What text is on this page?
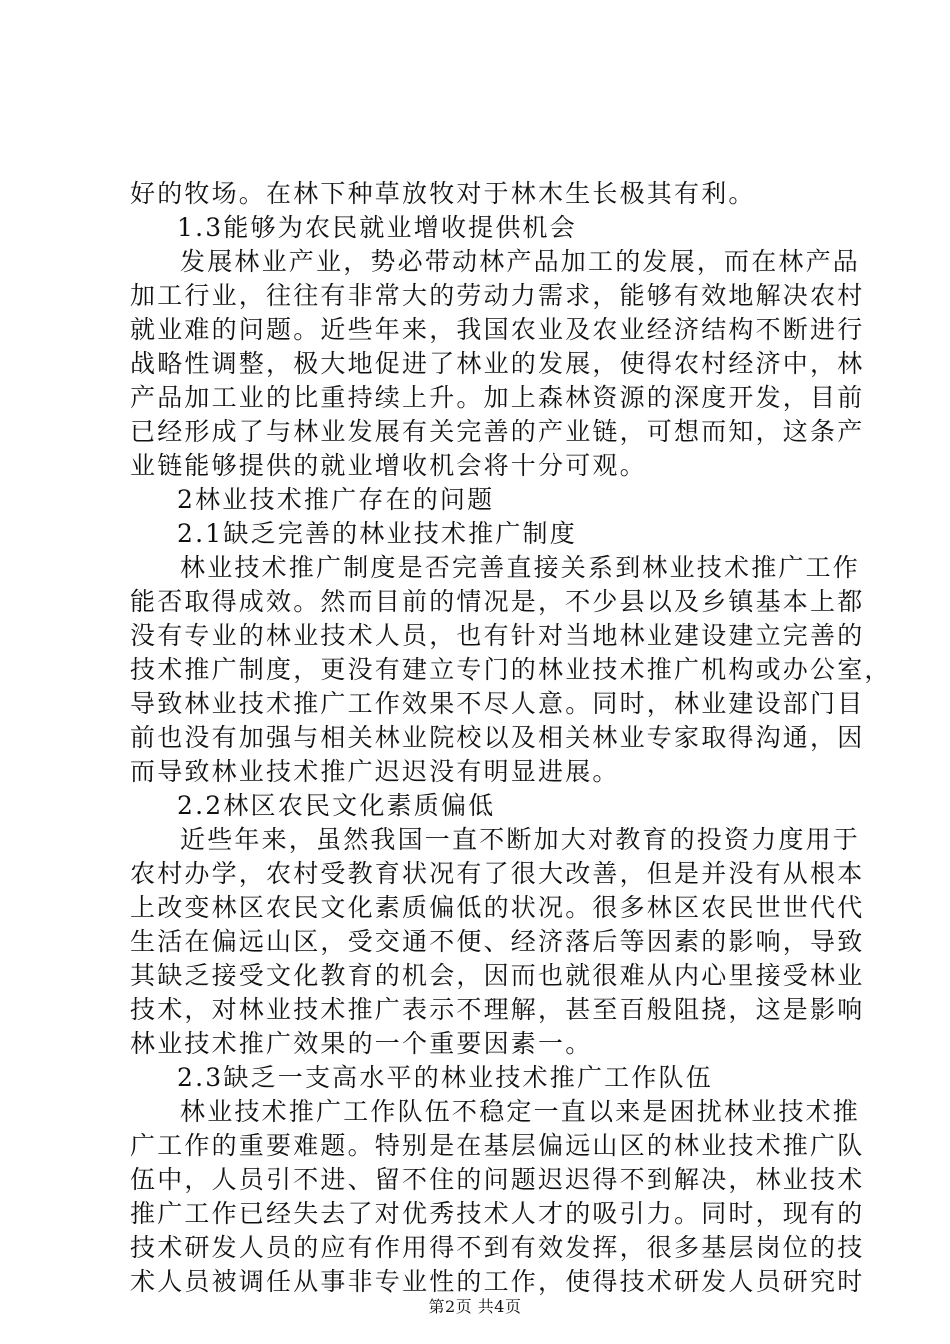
好的牧场。在林下种草放牧对于林木生长极其有利。
1.3能够为农民就业增收提供机会
发展林业产业，势必带动林产品加工的发展，而在林产品
加工行业，往往有非常大的劳动力需求，能够有效地解决农村
就业难的问题。近些年来，我国农业及农业经济结构不断进行
战略性调整，极大地促进了林业的发展，使得农村经济中，林
产品加工业的比重持续上升。加上森林资源的深度开发，目前
已经形成了与林业发展有关完善的产业链，可想而知，这条产
业链能够提供的就业增收机会将十分可观。
2林业技术推广存在的问题
2.1缺乏完善的林业技术推广制度
林业技术推广制度是否完善直接关系到林业技术推广工作
能否取得成效。然而目前的情况是，不少县以及乡镇基本上都
没有专业的林业技术人员，也有针对当地林业建设建立完善的
技术推广制度，更没有建立专门的林业技术推广机构或办公室，
导致林业技术推广工作效果不尽人意。同时，林业建设部门目
前也没有加强与相关林业院校以及相关林业专家取得沟通，因
而导致林业技术推广迟迟没有明显进展。
2.2林区农民文化素质偏低
近些年来，虽然我国一直不断加大对教育的投资力度用于
农村办学，农村受教育状况有了很大改善，但是并没有从根本
上改变林区农民文化素质偏低的状况。很多林区农民世世代代
生活在偏远山区，受交通不便、经济落后等因素的影响，导致
其缺乏接受文化教育的机会，因而也就很难从内心里接受林业
技术，对林业技术推广表示不理解，甚至百般阻挠，这是影响
林业技术推广效果的一个重要因素一。
2.3缺乏一支高水平的林业技术推广工作队伍
林业技术推广工作队伍不稳定一直以来是困扰林业技术推
广工作的重要难题。特别是在基层偏远山区的林业技术推广队
伍中，人员引不进、留不住的问题迟迟得不到解决，林业技术
推广工作已经失去了对优秀技术人才的吸引力。同时，现有的
技术研发人员的应有作用得不到有效发挥，很多基层岗位的技
术人员被调任从事非专业性的工作，使得技术研发人员研究时
第2页 共4页
